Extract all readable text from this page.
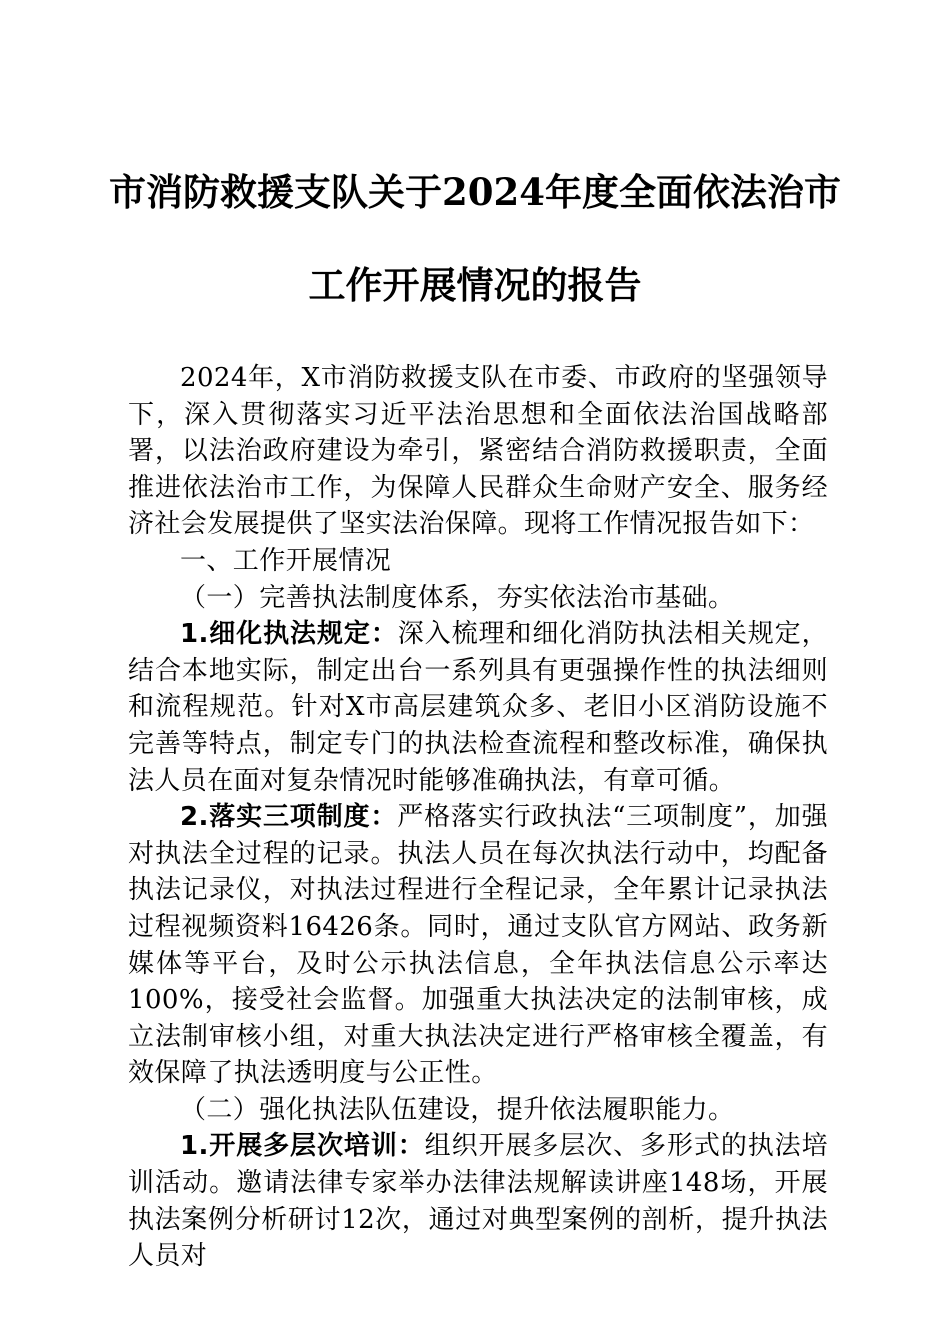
市消防救援支队关于2024年度全面依法治市
工作开展情况的报告

2024年，X市消防救援支队在市委、市政府的坚强领导下，深入贯彻落实习近平法治思想和全面依法治国战略部署，以法治政府建设为牵引，紧密结合消防救援职责，全面推进依法治市工作，为保障人民群众生命财产安全、服务经济社会发展提供了坚实法治保障。现将工作情况报告如下：

一、工作开展情况

（一）完善执法制度体系，夯实依法治市基础。

1.细化执法规定：深入梳理和细化消防执法相关规定，结合本地实际，制定出台一系列具有更强操作性的执法细则和流程规范。针对X市高层建筑众多、老旧小区消防设施不完善等特点，制定专门的执法检查流程和整改标准，确保执法人员在面对复杂情况时能够准确执法，有章可循。

2.落实三项制度：严格落实行政执法“三项制度”，加强对执法全过程的记录。执法人员在每次执法行动中，均配备执法记录仪，对执法过程进行全程记录，全年累计记录执法过程视频资料16426条。同时，通过支队官方网站、政务新媒体等平台，及时公示执法信息，全年执法信息公示率达100%，接受社会监督。加强重大执法决定的法制审核，成立法制审核小组，对重大执法决定进行严格审核全覆盖，有效保障了执法透明度与公正性。

（二）强化执法队伍建设，提升依法履职能力。

1.开展多层次培训：组织开展多层次、多形式的执法培训活动。邀请法律专家举办法律法规解读讲座148场，开展执法案例分析研讨12次，通过对典型案例的剖析，提升执法人员对
